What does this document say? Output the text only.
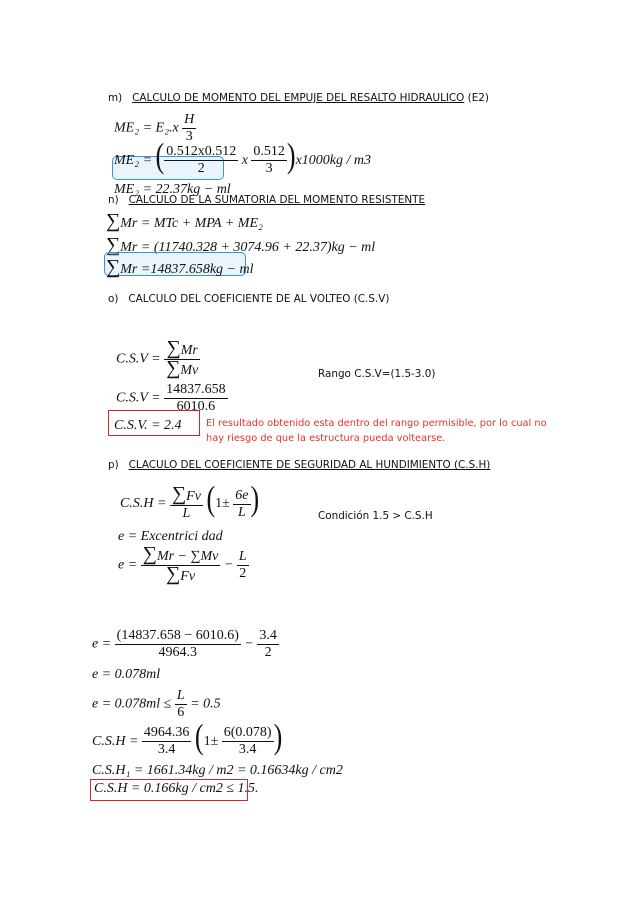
m) CALCULO DE MOMENTO DEL EMPUJE DEL RESALTO HIDRAULICO (E2)
$ME_2 = E_2.x \frac{H}{3}$
ME₂ = ( $\frac{0.512x0.512}{2}$ x $\frac{0.512}{3} )x1000kg / m3$
ME₂ = 22.37kg − ml
n) CALCULO DE LA SUMATORIA DEL MOMENTO RESISTENTE
∑Mr = MTc + MPA + ME₂
∑Mr = (11740.328 + 3074.96 + 22.37)kg − ml
∑Mr =14837.658kg − ml
o) CALCULO DEL COEFICIENTE DE AL VOLTEO (C.S.V)
$C.S.V = \frac{\sum Mr}{\sum Mv}$	Rango C.S.V=(1.5-3.0)
$C.S.V = \frac{14837.658}{6010.6}$
C.S.V. = 2.4 El resultado obtenido esta dentro del rango permisible, por lo cual no hay riesgo de que la estructura pueda voltearse.
p) CLACULO DEL COEFICIENTE DE SEGURIDAD AL HUNDIMIENTO (C.S.H)
$C.S.H = \frac{\sum Fv}{L} (1\pm \frac{6e}{L}$ )	Condición 1.5 > C.S.H
e = Excentrici dad
$e = \frac{\sum Mr - \sum Mv}{\sum Fv} - \frac{L}{2}$
$e = \frac{(14837.658 - 6010.6)}{4964.3} - \frac{3.4}{2}$
e = 0.078ml
$e = 0.078ml \le \frac{L}{6} = 0.5$
$C.S.H = \frac{4964.36}{3.4} (1\pm \frac{6(0.078)}{3.4}$ )
C.S.H₁ = 1661.34kg / m2 = 0.16634kg / cm2
C.S.H = 0.166kg / cm2 ≤ 1.5.
